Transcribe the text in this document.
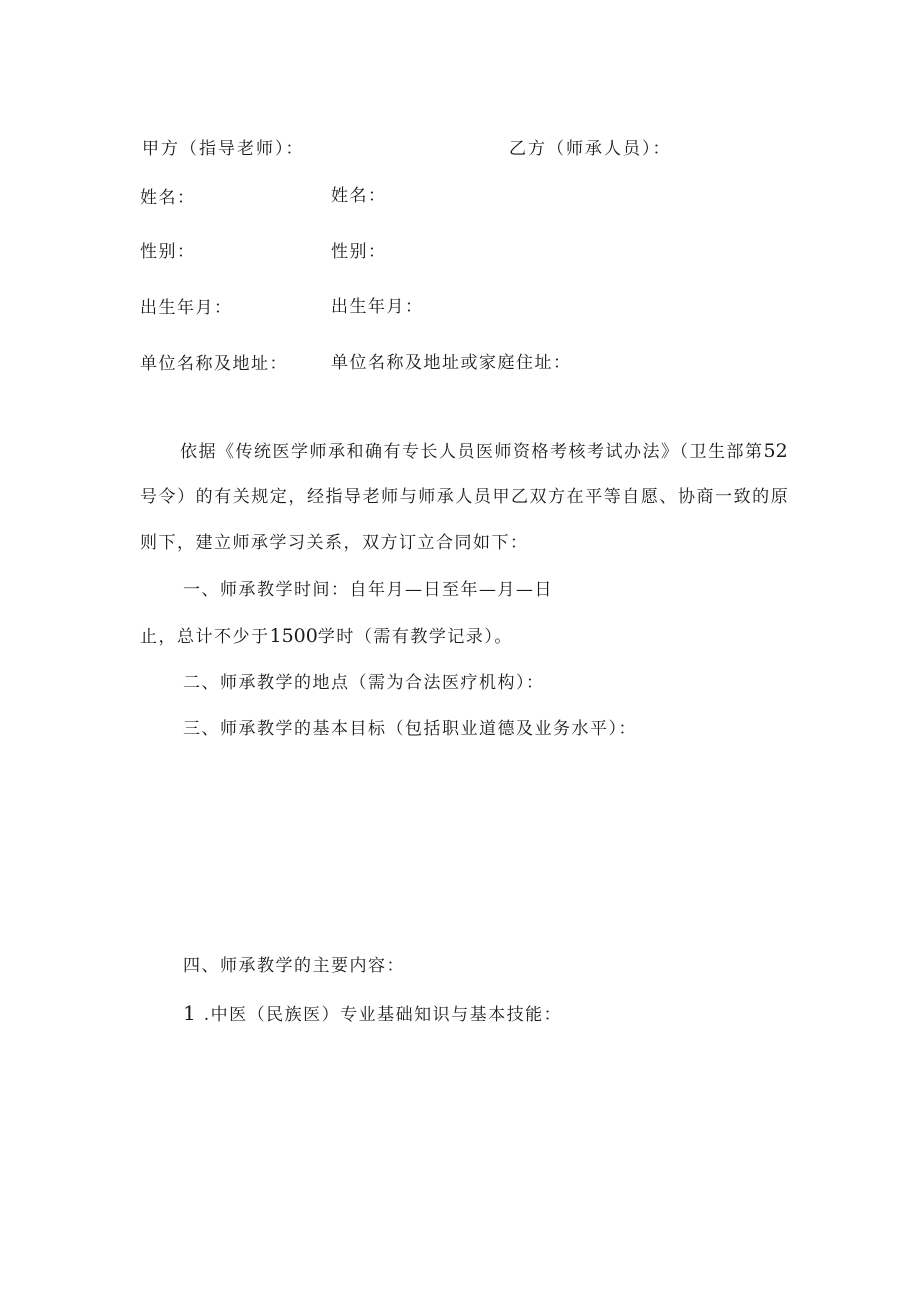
甲方（指导老师）：	乙方（师承人员）：
姓名：	姓名：
性别：	性别：
出生年月：	出生年月：
单位名称及地址：	单位名称及地址或家庭住址：
依据《传统医学师承和确有专长人员医师资格考核考试办法》（卫生部第52
号令）的有关规定，经指导老师与师承人员甲乙双方在平等自愿、协商一致的原
则下，建立师承学习关系，双方订立合同如下：
一、师承教学时间：自年月—日至年—月—日
止，总计不少于1500学时（需有教学记录）。
二、师承教学的地点（需为合法医疗机构）：
三、师承教学的基本目标（包括职业道德及业务水平）：
四、师承教学的主要内容：
1.中医（民族医）专业基础知识与基本技能：
